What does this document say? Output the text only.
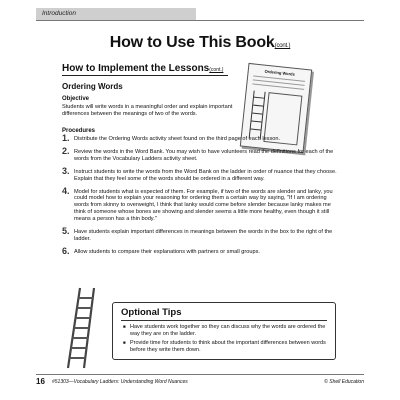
Introduction
How to Use This Book(cont.)
How to Implement the Lessons(cont.)
Ordering Words
Objective
Students will write words in a meaningful order and explain important differences between the meanings of two of the words.
Procedures
Ordering Words
1. Distribute the Ordering Words activity sheet found on the third page of each lesson.
2. Review the words in the Word Bank. You may wish to have volunteers read the definitions for each of the words from the Vocabulary Ladders activity sheet.
3. Instruct students to write the words from the Word Bank on the ladder in order of nuance that they choose. Explain that they feel some of the words should be ordered in a different way.
4. Model for students what is expected of them. For example, if two of the words are slender and lanky, you could model how to explain your reasoning for ordering them a certain way by saying, "If I am ordering words from skinny to overweight, I think that lanky would come before slender because lanky makes me think of someone whose bones are showing and slender seems a little more healthy, even though it still means a person has a thin body."
5. Have students explain important differences in meanings between the words in the box to the right of the ladder.
6. Allow students to compare their explanations with partners or small groups.
Optional Tips
■ Have students work together so they can discuss why the words are ordered the way they are on the ladder.
■ Provide time for students to think about the important differences between words before they write them down.
16 #51303—Vocabulary Ladders: Understanding Word Nuances	© Shell Education
